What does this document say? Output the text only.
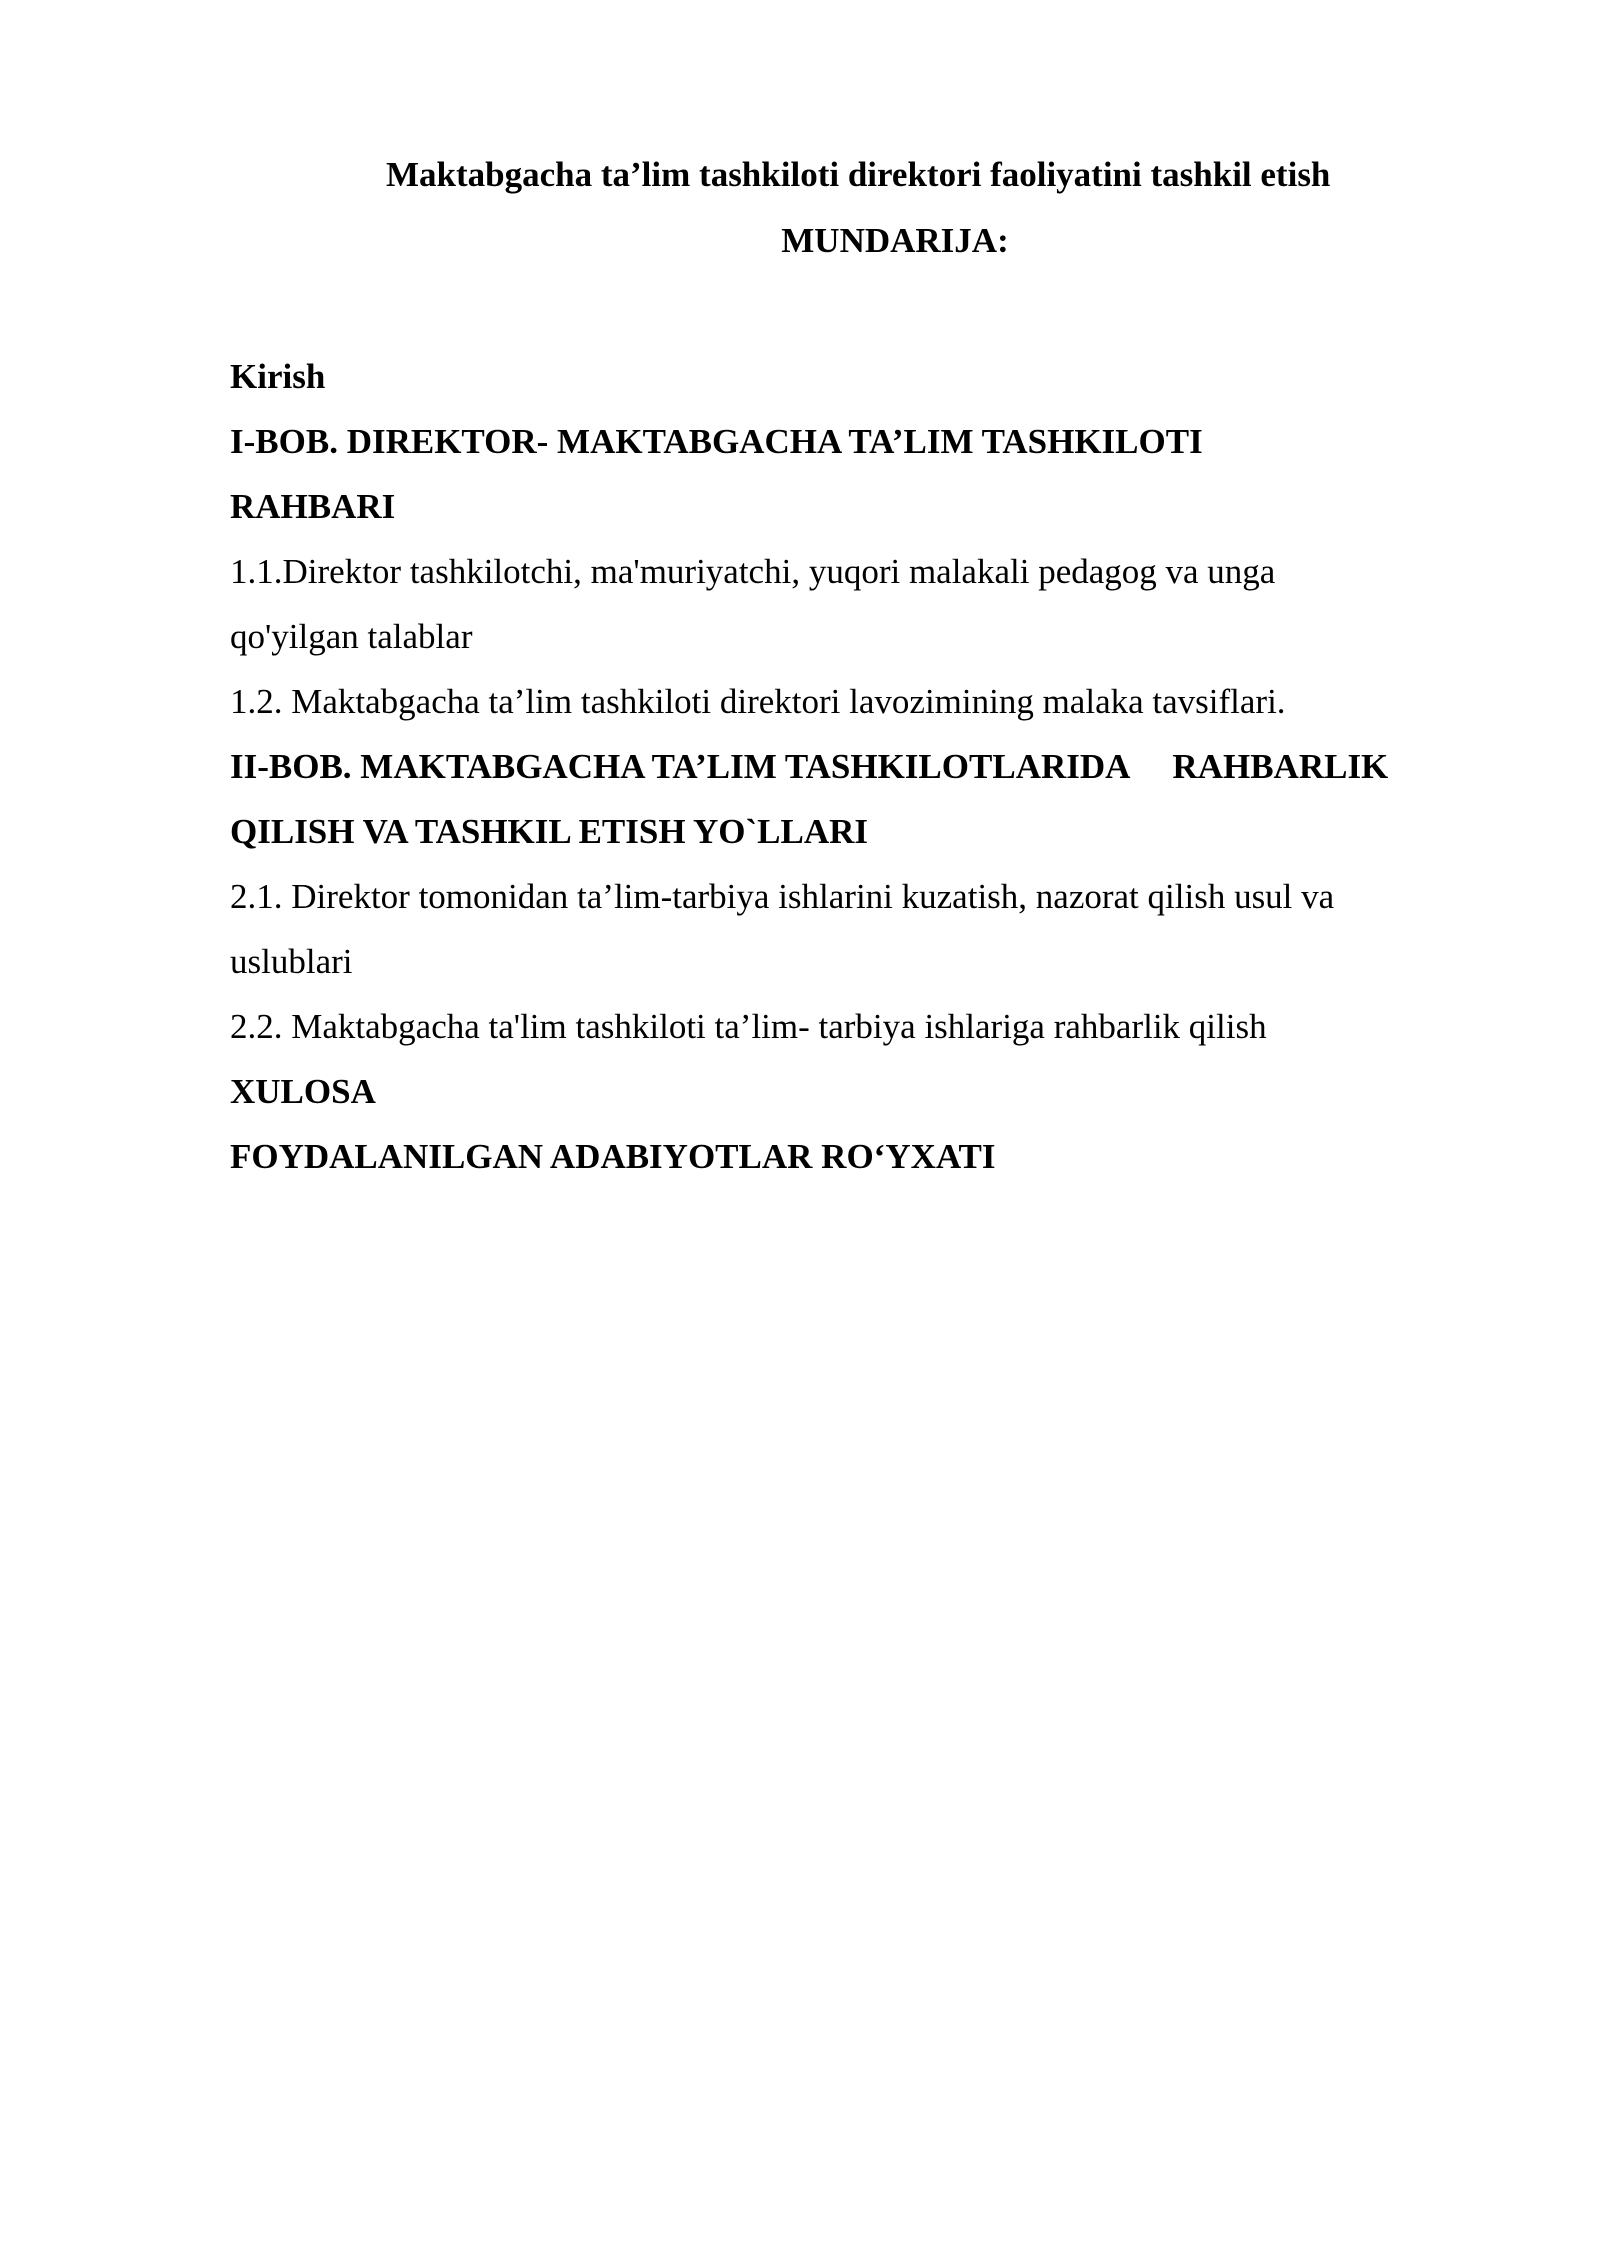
Maktabgacha ta’lim tashkiloti direktori faoliyatini tashkil etish
MUNDARIJA:
Kirish
I-BOB. DIREKTOR- MAKTABGACHA TA’LIM TASHKILOTI
RAHBARI
1.1.Direktor tashkilotchi, ma'muriyatchi, yuqori malakali pedagog va unga
qo'yilgan talablar
1.2. Maktabgacha ta’lim tashkiloti direktori lavozimining malaka tavsiflari.
II-BOB. MAKTABGACHA TA’LIM TASHKILOTLARIDA RAHBARLIK
QILISH VA TASHKIL ETISH YO`LLARI
2.1. Direktor tomonidan ta’lim-tarbiya ishlarini kuzatish, nazorat qilish usul va
uslublari
2.2. Maktabgacha ta'lim tashkiloti ta’lim- tarbiya ishlariga rahbarlik qilish
XULOSA
FOYDALANILGAN ADABIYOTLAR RO‘YXATI
